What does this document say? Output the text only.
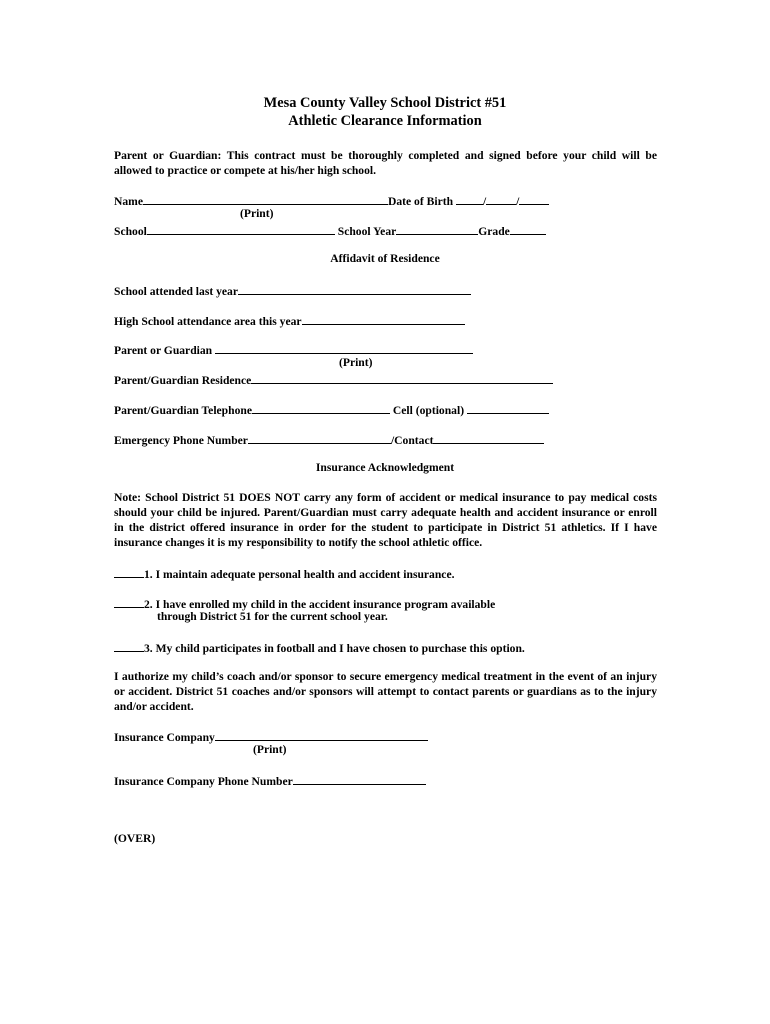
Mesa County Valley School District #51
Athletic Clearance Information
Parent or Guardian: This contract must be thoroughly completed and signed before your child will be allowed to practice or compete at his/her high school.
Name	Date of Birth	/	/
(Print)
School	School Year	Grade
Affidavit of Residence
School attended last year
High School attendance area this year
Parent or Guardian
(Print)
Parent/Guardian Residence
Parent/Guardian Telephone	Cell (optional)
Emergency Phone Number	/Contact
Insurance Acknowledgment
Note: School District 51 DOES NOT carry any form of accident or medical insurance to pay medical costs should your child be injured. Parent/Guardian must carry adequate health and accident insurance or enroll in the district offered insurance in order for the student to participate in District 51 athletics. If I have insurance changes it is my responsibility to notify the school athletic office.
1. I maintain adequate personal health and accident insurance.
2. I have enrolled my child in the accident insurance program available
through District 51 for the current school year.
3. My child participates in football and I have chosen to purchase this option.
I authorize my child’s coach and/or sponsor to secure emergency medical treatment in the event of an injury or accident. District 51 coaches and/or sponsors will attempt to contact parents or guardians as to the injury and/or accident.
Insurance Company
(Print)
Insurance Company Phone Number
(OVER)
